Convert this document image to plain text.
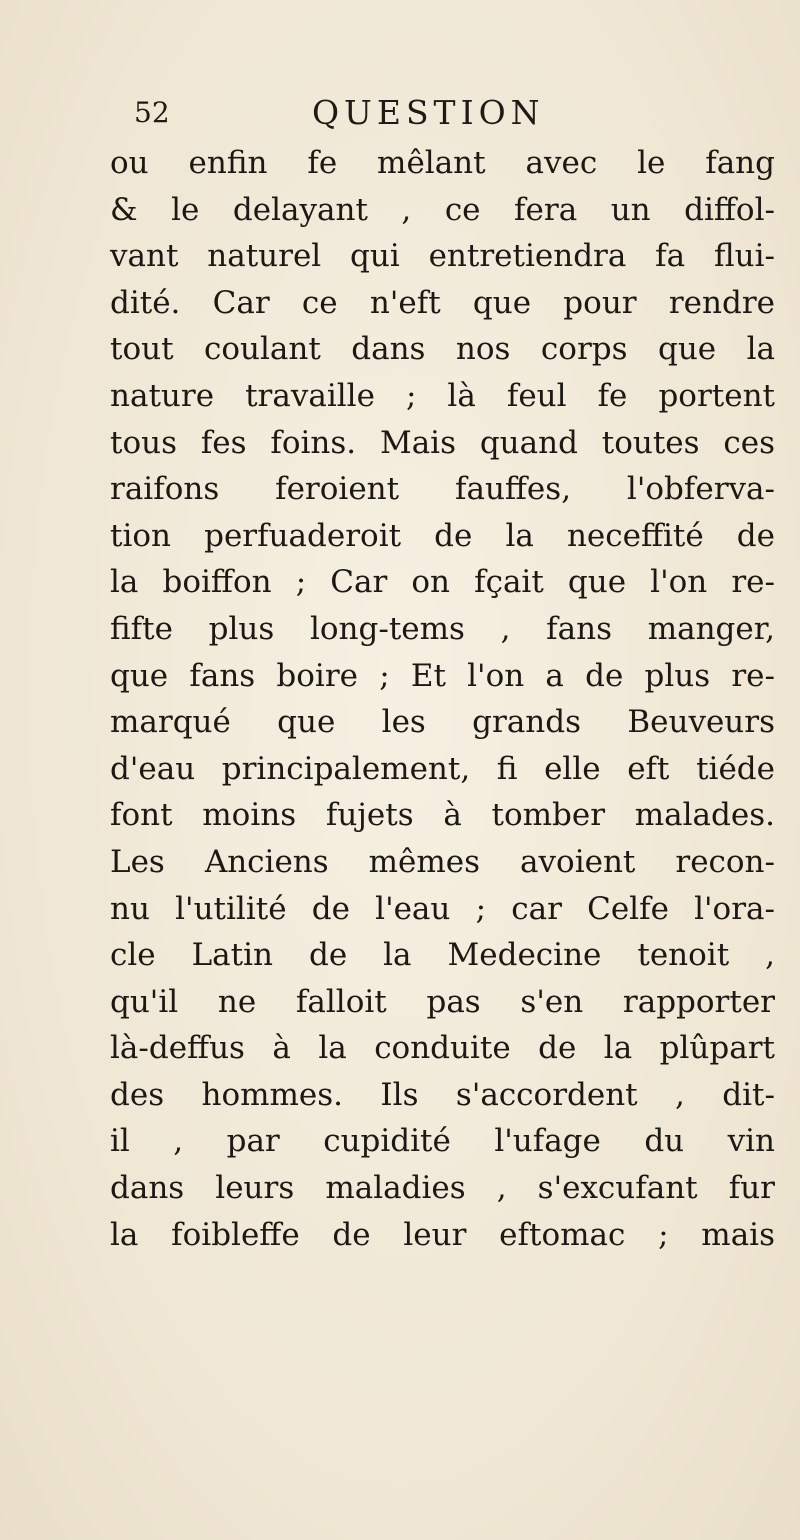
52	QUESTION
ou enfin fe mêlant avec le fang
& le delayant , ce fera un diffol-
vant naturel qui entretiendra fa flui-
dité. Car ce n'eft que pour rendre
tout coulant dans nos corps que la
nature travaille ; là feul fe portent
tous fes foins. Mais quand toutes ces
raifons feroient fauffes, l'obferva-
tion perfuaderoit de la neceffité de
la boiffon ; Car on fçait que l'on re-
fifte plus long-tems , fans manger,
que fans boire ; Et l'on a de plus re-
marqué que les grands Beuveurs
d'eau principalement, fi elle eft tiéde
font moins fujets à tomber malades.
Les Anciens mêmes avoient recon-
nu l'utilité de l'eau ; car Celfe l'ora-
cle Latin de la Medecine tenoit ,
qu'il ne falloit pas s'en rapporter
là-deffus à la conduite de la plûpart
des hommes. Ils s'accordent , dit-
il , par cupidité l'ufage du vin
dans leurs maladies , s'excufant fur
la foibleffe de leur eftomac ; mais
